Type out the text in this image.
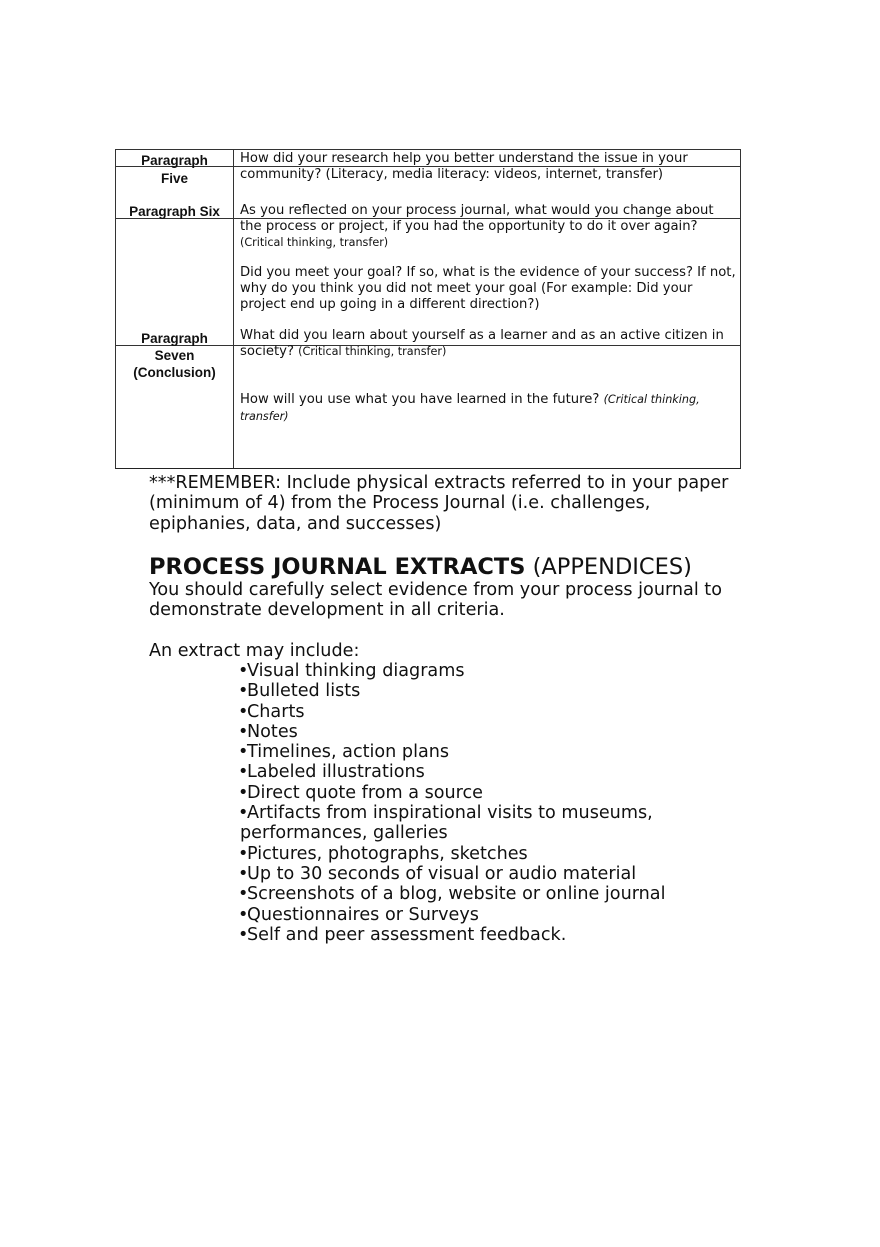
Paragraph
Five
How did your research help you better understand the issue in your community? (Literacy, media literacy: videos, internet, transfer)
Paragraph Six	As you reflected on your process journal, what would you change about the process or project, if you had the opportunity to do it over again?
(Critical thinking, transfer)
Did you meet your goal? If so, what is the evidence of your success? If not, why do you think you did not meet your goal (For example: Did your project end up going in a different direction?)
Paragraph
Seven
(Conclusion)
What did you learn about yourself as a learner and as an active citizen in society? (Critical thinking, transfer)
How will you use what you have learned in the future? (Critical thinking, transfer)
***REMEMBER: Include physical extracts referred to in your paper
(minimum of 4) from the Process Journal (i.e. challenges,
epiphanies, data, and successes)
PROCESS JOURNAL EXTRACTS (APPENDICES)
You should carefully select evidence from your process journal to
demonstrate development in all criteria.
An extract may include:
•
Visual thinking diagrams
•
Bulleted lists
•
Charts
•
Notes
•
Timelines, action plans
•
Labeled illustrations
•
Direct quote from a source
•
Artifacts from inspirational visits to museums,
performances, galleries
•
Pictures, photographs, sketches
•
Up to 30 seconds of visual or audio material
•
Screenshots of a blog, website or online journal
•
Questionnaires or Surveys
•
Self and peer assessment feedback.
